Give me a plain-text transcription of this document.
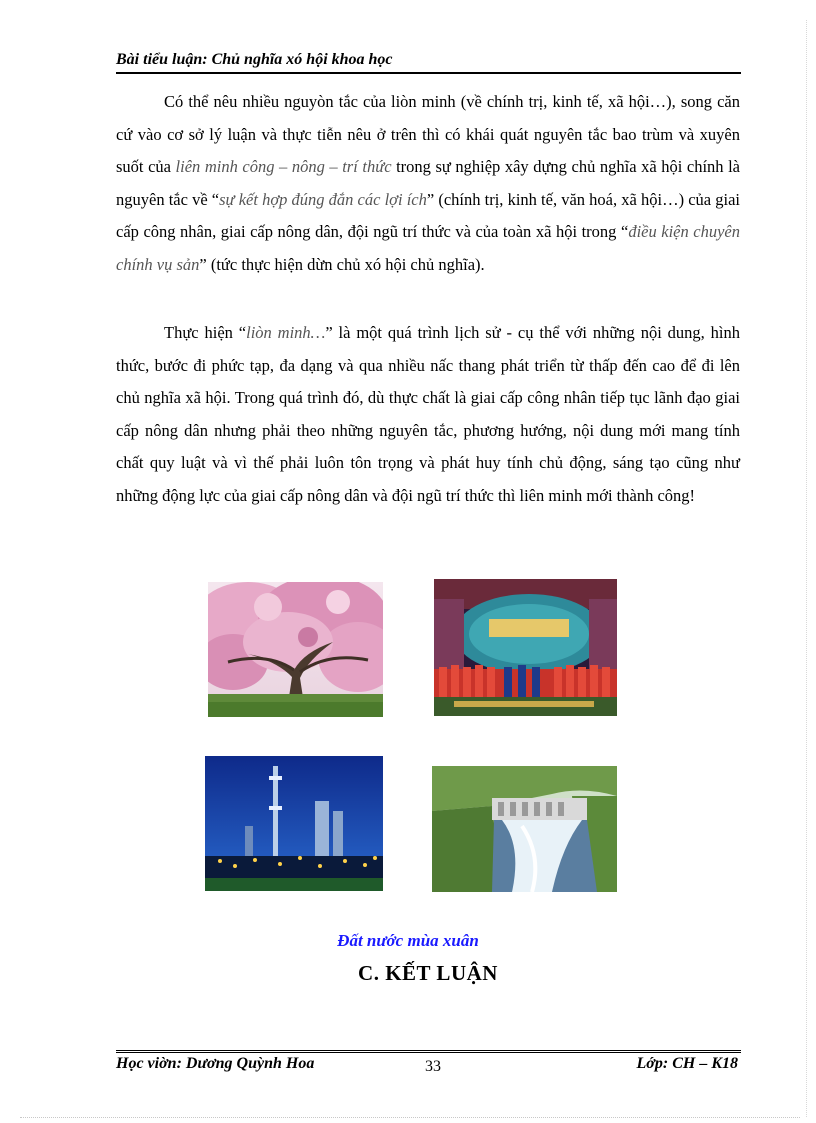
Bài tiểu luận: Chủ nghĩa xó hội khoa học

Có thể nêu nhiều nguyòn tắc của liòn minh (về chính trị, kinh tế, xã hội…), song căn cứ vào cơ sở lý luận và thực tiễn nêu ở trên thì có khái quát nguyên tắc bao trùm và xuyên suốt của liên minh công – nông – trí thức trong sự nghiệp xây dựng chủ nghĩa xã hội chính là nguyên tắc về “sự kết hợp đúng đắn các lợi ích” (chính trị, kinh tế, văn hoá, xã hội…) của giai cấp công nhân, giai cấp nông dân, đội ngũ trí thức và của toàn xã hội trong “điều kiện chuyên chính vụ sản” (tức thực hiện dừn chủ xó hội chủ nghĩa).

Thực hiện “liòn minh…” là một quá trình lịch sử - cụ thể với những nội dung, hình thức, bước đi phức tạp, đa dạng và qua nhiều nấc thang phát triển từ thấp đến cao để đi lên chủ nghĩa xã hội. Trong quá trình đó, dù thực chất là giai cấp công nhân tiếp tục lãnh đạo giai cấp nông dân nhưng phải theo những nguyên tắc, phương hướng, nội dung mới mang tính chất quy luật và vì thế phải luôn tôn trọng và phát huy tính chủ động, sáng tạo cũng như những động lực của giai cấp nông dân và đội ngũ trí thức thì liên minh mới thành công!

Đất nước mùa xuân
C. KẾT LUẬN
Học viờn: Dương Quỳnh Hoa	33	Lớp: CH – K18
